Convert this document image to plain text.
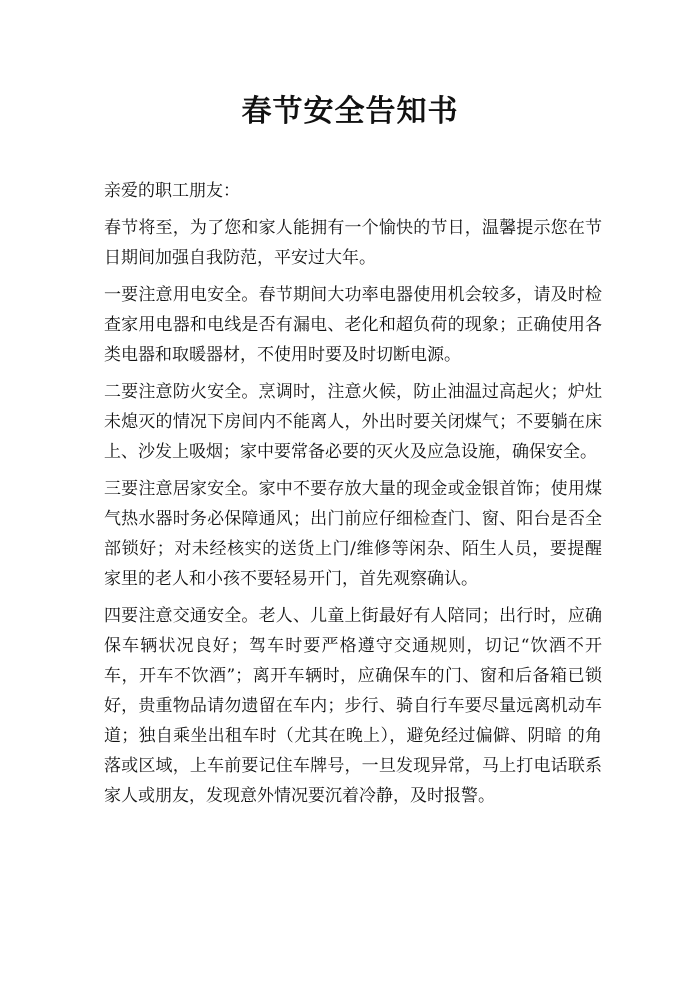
春节安全告知书

亲爱的职工朋友：

春节将至，为了您和家人能拥有一个愉快的节日，温馨提示您在节日期间加强自我防范，平安过大年。

一要注意用电安全。春节期间大功率电器使用机会较多，请及时检查家用电器和电线是否有漏电、老化和超负荷的现象；正确使用各类电器和取暖器材，不使用时要及时切断电源。

二要注意防火安全。烹调时，注意火候，防止油温过高起火；炉灶未熄灭的情况下房间内不能离人，外出时要关闭煤气；不要躺在床上、沙发上吸烟；家中要常备必要的灭火及应急设施，确保安全。

三要注意居家安全。家中不要存放大量的现金或金银首饰；使用煤气热水器时务必保障通风；出门前应仔细检查门、窗、阳台是否全部锁好；对未经核实的送货上门/维修等闲杂、陌生人员，要提醒家里的老人和小孩不要轻易开门，首先观察确认。

四要注意交通安全。老人、儿童上街最好有人陪同；出行时，应确保车辆状况良好；驾车时要严格遵守交通规则，切记“饮酒不开车，开车不饮酒”；离开车辆时，应确保车的门、窗和后备箱已锁好，贵重物品请勿遗留在车内；步行、骑自行车要尽量远离机动车道；独自乘坐出租车时（尤其在晚上），避免经过偏僻、阴暗 的角落或区域，上车前要记住车牌号，一旦发现异常，马上打电话联系家人或朋友，发现意外情况要沉着冷静，及时报警。
